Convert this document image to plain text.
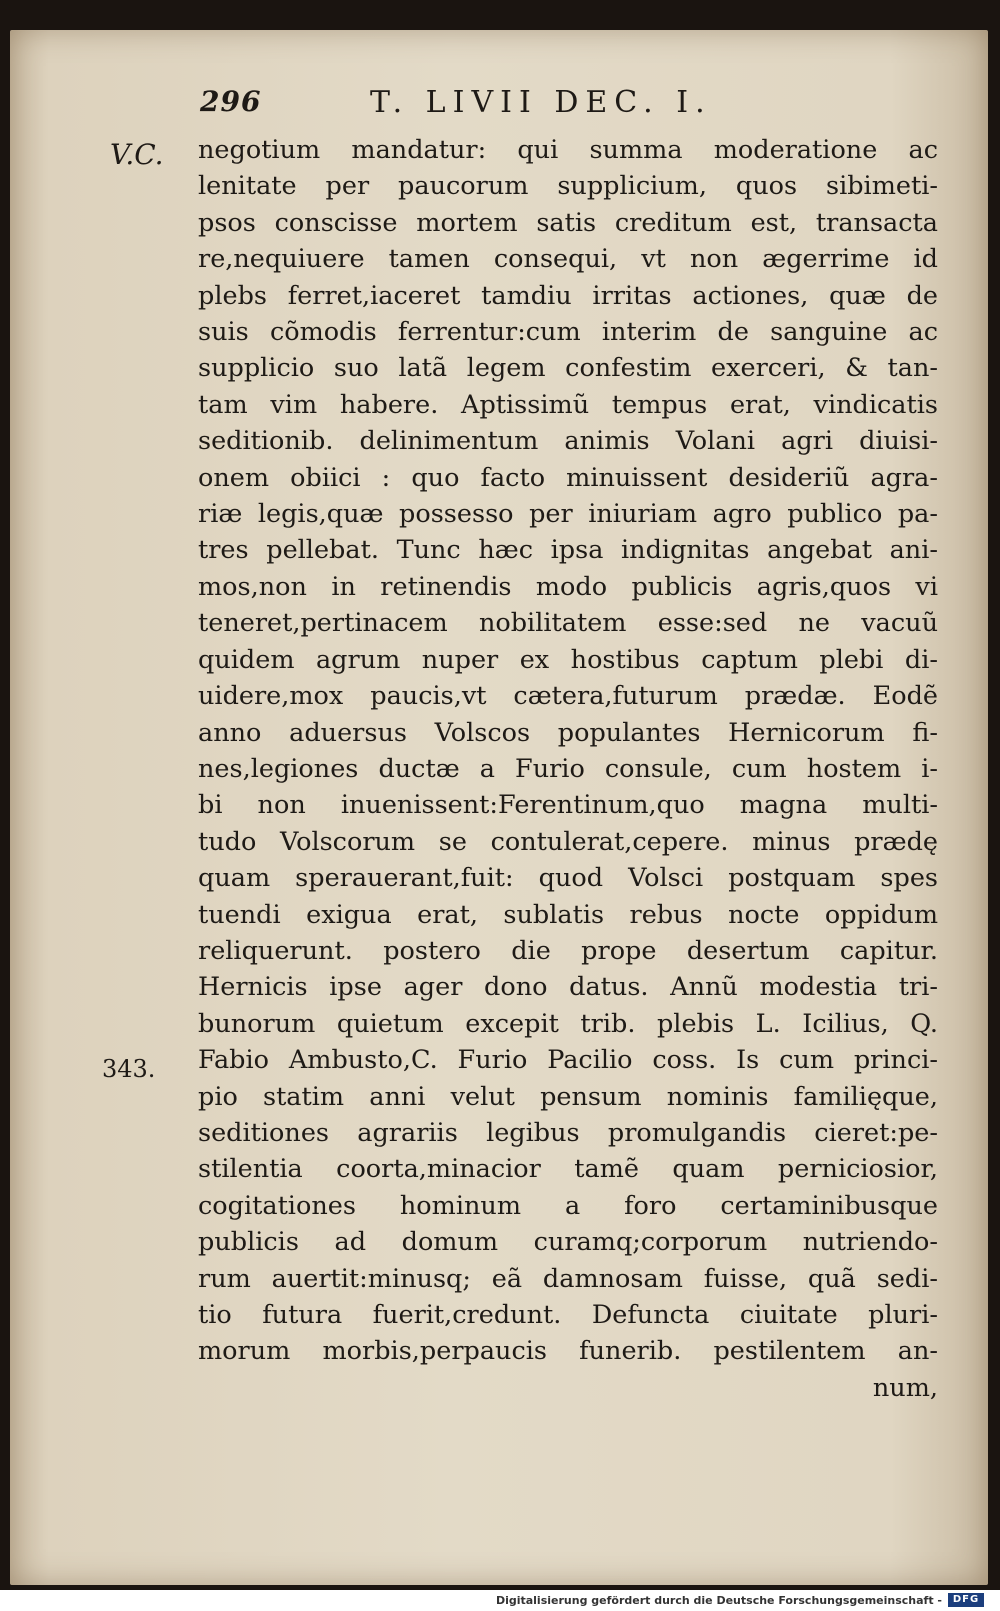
296	T. LIVII DEC. I.
V.C.
343.
negotium mandatur: qui summa moderatione ac
lenitate per paucorum supplicium, quos sibimeti-
psos conscisse mortem satis creditum est, transacta
re,nequiuere tamen consequi, vt non ægerrime id
plebs ferret,iaceret tamdiu irritas actiones, quæ de
suis cõmodis ferrentur:cum interim de sanguine ac
supplicio suo latã legem confestim exerceri, & tan-
tam vim habere. Aptissimũ tempus erat, vindicatis
seditionib. delinimentum animis Volani agri diuisi-
onem obiici : quo facto minuissent desideriũ agra-
riæ legis,quæ possesso per iniuriam agro publico pa-
tres pellebat. Tunc hæc ipsa indignitas angebat ani-
mos,non in retinendis modo publicis agris,quos vi
teneret,pertinacem nobilitatem esse:sed ne vacuũ
quidem agrum nuper ex hostibus captum plebi di-
uidere,mox paucis,vt cætera,futurum prædæ. Eodẽ
anno aduersus Volscos populantes Hernicorum fi-
nes,legiones ductæ a Furio consule, cum hostem i-
bi non inuenissent:Ferentinum,quo magna multi-
tudo Volscorum se contulerat,cepere. minus prædę
quam sperauerant,fuit: quod Volsci postquam spes
tuendi exigua erat, sublatis rebus nocte oppidum
reliquerunt. postero die prope desertum capitur.
Hernicis ipse ager dono datus. Annũ modestia tri-
bunorum quietum excepit trib. plebis L. Icilius, Q.
Fabio Ambusto,C. Furio Pacilio coss. Is cum princi-
pio statim anni velut pensum nominis familięque,
seditiones agrariis legibus promulgandis cieret:pe-
stilentia coorta,minacior tamẽ quam perniciosior,
cogitationes hominum a foro certaminibusque
publicis ad domum curamq;corporum nutriendo-
rum auertit:minusq; eã damnosam fuisse, quã sedi-
tio futura fuerit,credunt. Defuncta ciuitate pluri-
morum morbis,perpaucis funerib. pestilentem an-
num,
Digitalisierung gefördert durch die Deutsche Forschungsgemeinschaft -	DFG
